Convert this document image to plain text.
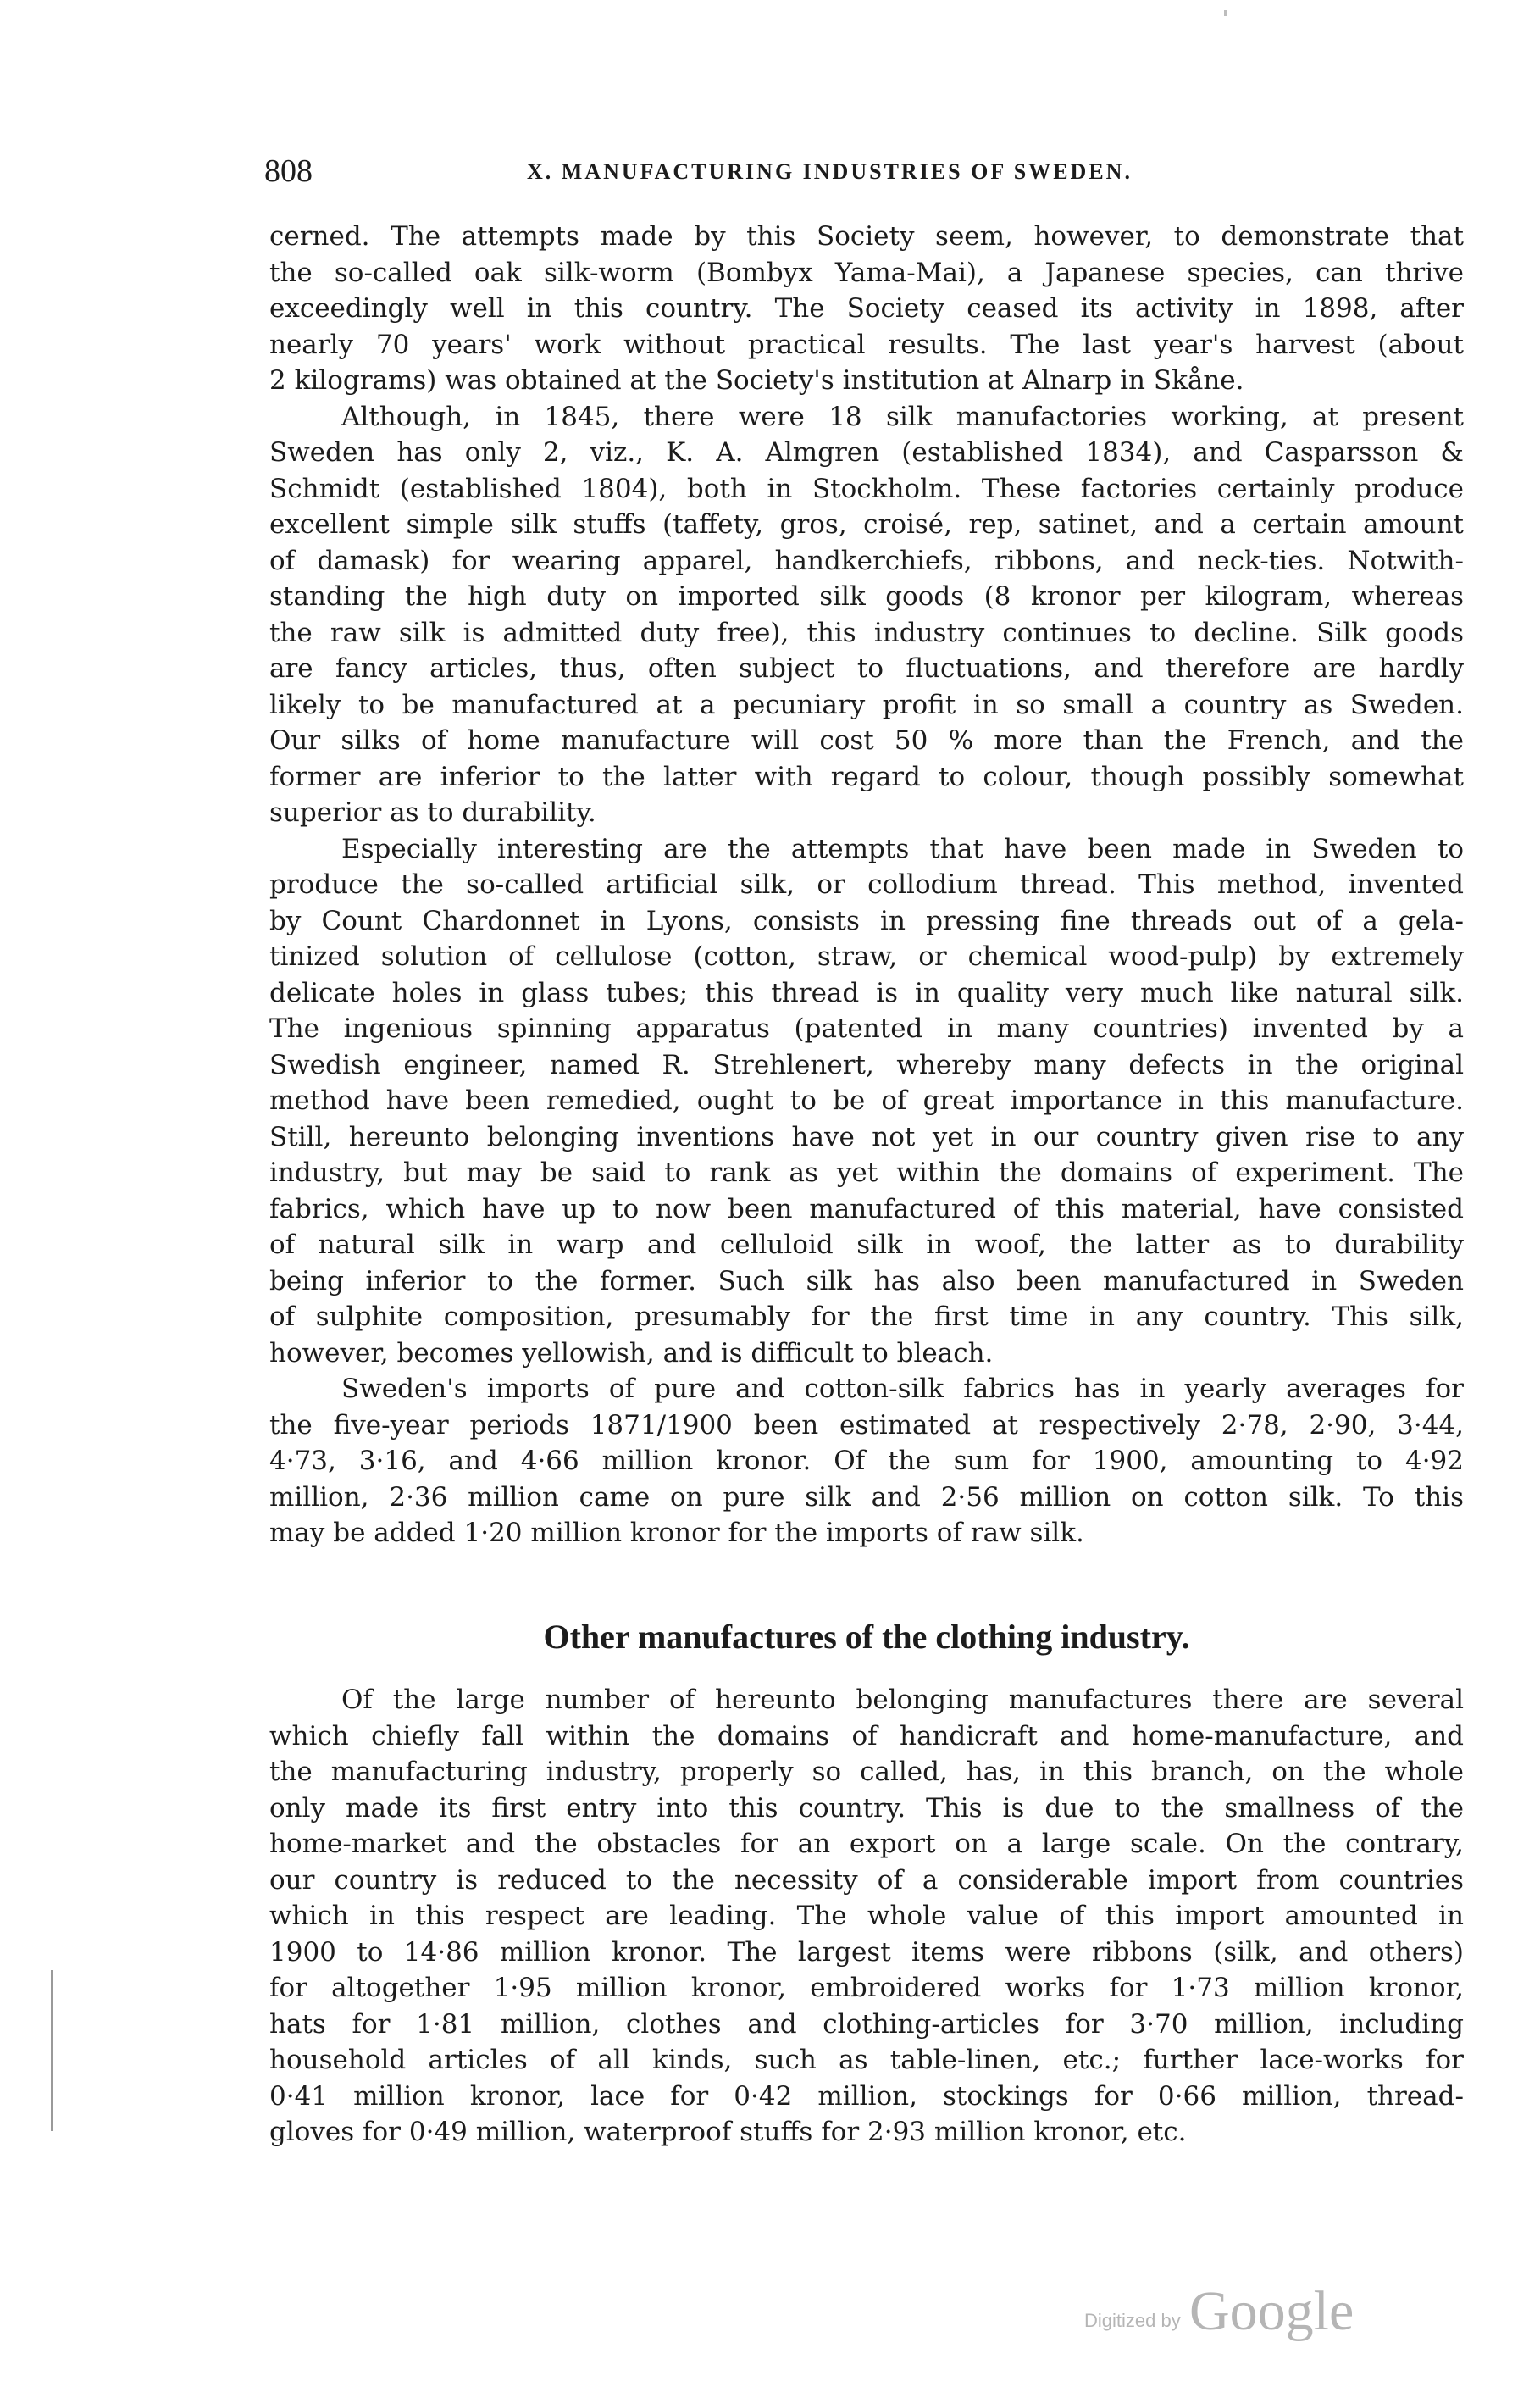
808	X. MANUFACTURING INDUSTRIES OF SWEDEN.
cerned. The attempts made by this Society seem, however, to demonstrate that
the so-called oak silk-worm (Bombyx Yama-Mai), a Japanese species, can thrive
exceedingly well in this country. The Society ceased its activity in 1898, after
nearly 70 years' work without practical results. The last year's harvest (about
2 kilograms) was obtained at the Society's institution at Alnarp in Skåne.
Although, in 1845, there were 18 silk manufactories working, at present
Sweden has only 2, viz., K. A. Almgren (established 1834), and Casparsson &
Schmidt (established 1804), both in Stockholm. These factories certainly produce
excellent simple silk stuffs (taffety, gros, croisé, rep, satinet, and a certain amount
of damask) for wearing apparel, handkerchiefs, ribbons, and neck-ties. Notwith-
standing the high duty on imported silk goods (8 kronor per kilogram, whereas
the raw silk is admitted duty free), this industry continues to decline. Silk goods
are fancy articles, thus, often subject to fluctuations, and therefore are hardly
likely to be manufactured at a pecuniary profit in so small a country as Sweden.
Our silks of home manufacture will cost 50 % more than the French, and the
former are inferior to the latter with regard to colour, though possibly somewhat
superior as to durability.
Especially interesting are the attempts that have been made in Sweden to
produce the so-called artificial silk, or collodium thread. This method, invented
by Count Chardonnet in Lyons, consists in pressing fine threads out of a gela-
tinized solution of cellulose (cotton, straw, or chemical wood-pulp) by extremely
delicate holes in glass tubes; this thread is in quality very much like natural silk.
The ingenious spinning apparatus (patented in many countries) invented by a
Swedish engineer, named R. Strehlenert, whereby many defects in the original
method have been remedied, ought to be of great importance in this manufacture.
Still, hereunto belonging inventions have not yet in our country given rise to any
industry, but may be said to rank as yet within the domains of experiment. The
fabrics, which have up to now been manufactured of this material, have consisted
of natural silk in warp and celluloid silk in woof, the latter as to durability
being inferior to the former. Such silk has also been manufactured in Sweden
of sulphite composition, presumably for the first time in any country. This silk,
however, becomes yellowish, and is difficult to bleach.
Sweden's imports of pure and cotton-silk fabrics has in yearly averages for
the five-year periods 1871/1900 been estimated at respectively 2·78, 2·90, 3·44,
4·73, 3·16, and 4·66 million kronor. Of the sum for 1900, amounting to 4·92
million, 2·36 million came on pure silk and 2·56 million on cotton silk. To this
may be added 1·20 million kronor for the imports of raw silk.
Other manufactures of the clothing industry.
Of the large number of hereunto belonging manufactures there are several
which chiefly fall within the domains of handicraft and home-manufacture, and
the manufacturing industry, properly so called, has, in this branch, on the whole
only made its first entry into this country. This is due to the smallness of the
home-market and the obstacles for an export on a large scale. On the contrary,
our country is reduced to the necessity of a considerable import from countries
which in this respect are leading. The whole value of this import amounted in
1900 to 14·86 million kronor. The largest items were ribbons (silk, and others)
for altogether 1·95 million kronor, embroidered works for 1·73 million kronor,
hats for 1·81 million, clothes and clothing-articles for 3·70 million, including
household articles of all kinds, such as table-linen, etc.; further lace-works for
0·41 million kronor, lace for 0·42 million, stockings for 0·66 million, thread-
gloves for 0·49 million, waterproof stuffs for 2·93 million kronor, etc.
Digitized by Google
